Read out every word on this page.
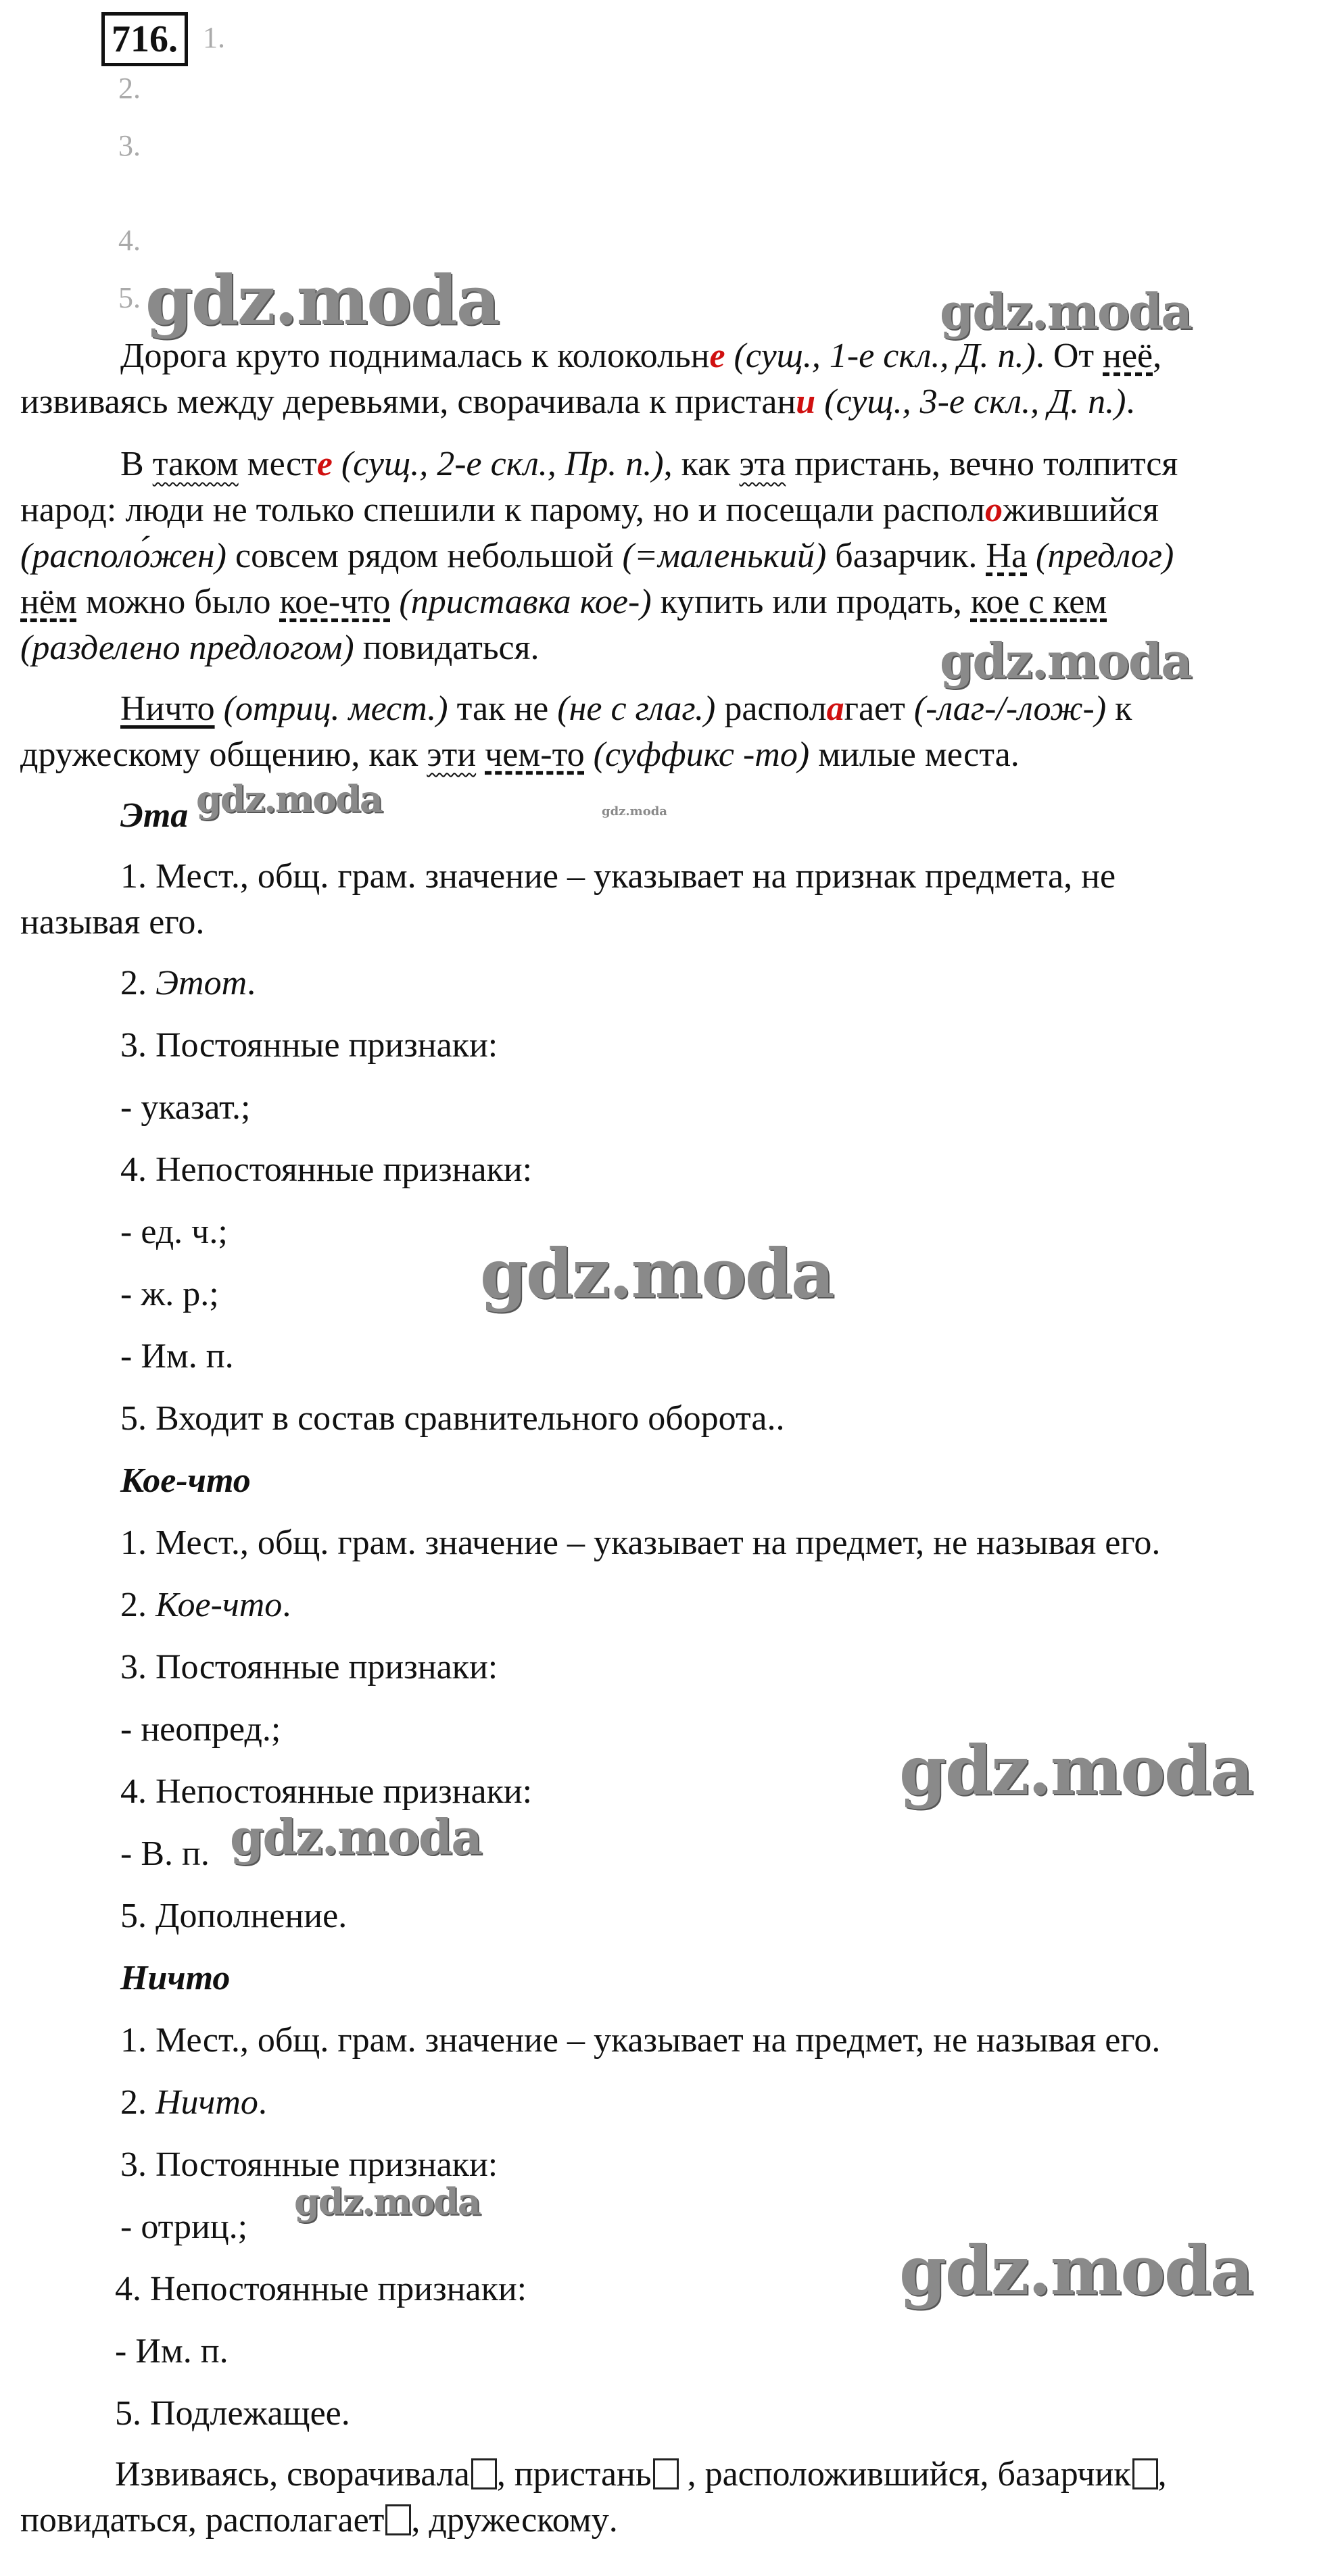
716. 1.
2.
3.
4.
5. gdz.moda	gdz.moda
gdz.moda
gdz.moda	gdz.moda
gdz.moda
gdz.moda
gdz.moda
gdz.moda
gdz.moda
Дорога круто поднималась к колокольне (сущ., 1-е скл., Д. п.). От неё,
извиваясь между деревьями, сворачивала к пристани (сущ., 3-е скл., Д. п.).
В таком месте (сущ., 2-е скл., Пр. п.), как эта пристань, вечно толпится
народ: люди не только спешили к парому, но и посещали расположившийся
(располо́жен) совсем рядом небольшой (=маленький) базарчик. На (предлог)
нём можно было кое-что (приставка кое-) купить или продать, кое с кем
(разделено предлогом) повидаться.
Ничто (отриц. мест.) так не (не с глаг.) располагает (-лаг-/-лож-) к
дружескому общению, как эти чем-то (суффикс -то) милые места.
Эта
1. Мест., общ. грам. значение – указывает на признак предмета, не
называя его.
2. Этот.
3. Постоянные признаки:
- указат.;
4. Непостоянные признаки:
- ед. ч.;
- ж. р.;
- Им. п.
5. Входит в состав сравнительного оборота..
Кое-что
1. Мест., общ. грам. значение – указывает на предмет, не называя его.
2. Кое-что.
3. Постоянные признаки:
- неопред.;
4. Непостоянные признаки:
- В. п.
5. Дополнение.
Ничто
1. Мест., общ. грам. значение – указывает на предмет, не называя его.
2. Ничто.
3. Постоянные признаки:
- отриц.;
4. Непостоянные признаки:
- Им. п.
5. Подлежащее.
Извиваясь, сворачивала , пристань , расположившийся, базарчик ,
повидаться, располагает , дружескому.
